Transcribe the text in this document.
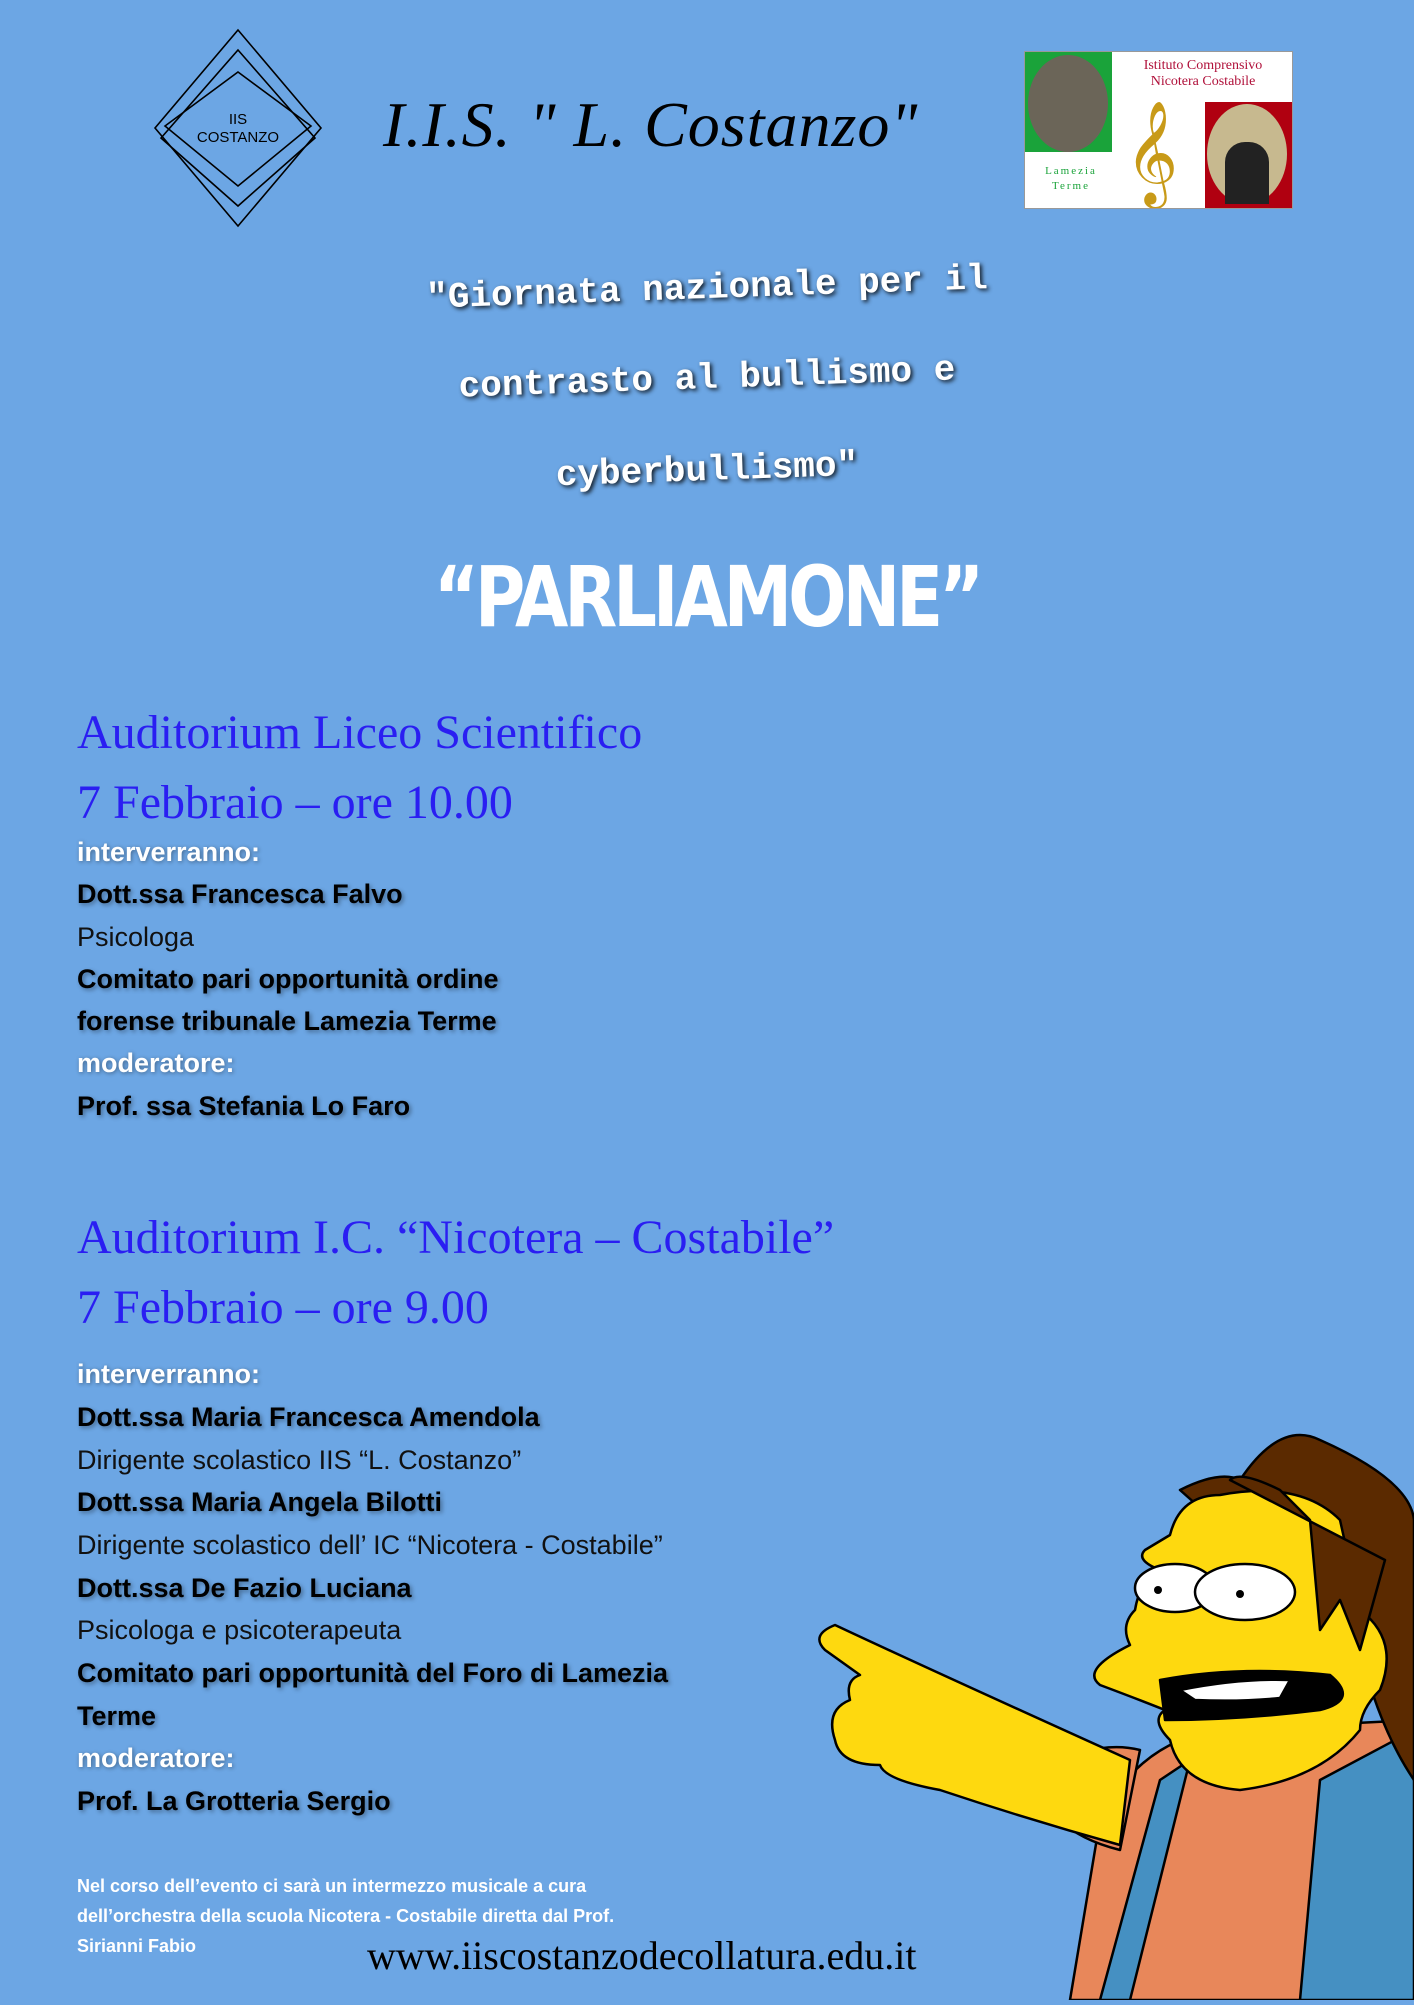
IIS
COSTANZO I.I.S. " L. Costanzo" 𝄞
Istituto Comprensivo
Nicotera Costabile
Lamezia
Terme
"Giornata nazionale per il
contrasto al bullismo e
cyberbullismo"
“PARLIAMONE”
Auditorium Liceo Scientifico
7 Febbraio – ore 10.00
interverranno:
Dott.ssa Francesca Falvo
Psicologa
Comitato pari opportunità ordine
forense tribunale Lamezia Terme
moderatore:
Prof. ssa Stefania Lo Faro
Auditorium I.C. “Nicotera – Costabile”
7 Febbraio – ore 9.00
interverranno:
Dott.ssa Maria Francesca Amendola
Dirigente scolastico IIS “L. Costanzo”
Dott.ssa Maria Angela Bilotti
Dirigente scolastico dell’ IC “Nicotera - Costabile”
Dott.ssa De Fazio Luciana
Psicologa e psicoterapeuta
Comitato pari opportunità del Foro di Lamezia
Terme
moderatore:
Prof. La Grotteria Sergio
Nel corso dell’evento ci sarà un intermezzo musicale a cura
dell’orchestra della scuola Nicotera - Costabile diretta dal Prof.
Sirianni Fabio	www.iiscostanzodecollatura.edu.it
